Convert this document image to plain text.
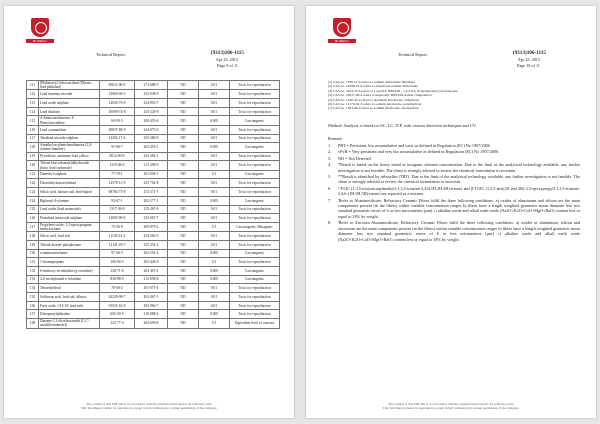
BUREAU VERITAS
Technical Report:	(9313)106-1115
Apr 23, 2015
Page 9 of 11
111	[Phthalato(2-)]dioxotrilead (Dibasic lead phthalate)	69011-06-9	273-688-5	ND	0.01	Toxic for reproduction
112	Lead titanium trioxide	12060-00-3	235-038-9	ND	0.01	Toxic for reproduction
113	Lead oxide sulphate	12036-76-9	234-853-7	ND	0.01	Toxic for reproduction
114	Lead dinitrate	10099-74-8	233-245-9	ND	0.01	Toxic for reproduction
115	4-Aminoazobenzene; 4-Phenylazoaniline	60-09-3	200-453-6	ND	0.005	Carcinogenic
116	Lead cyanamidate	20837-86-9	244-073-9	ND	0.01	Toxic for reproduction
117	Tetralead trioxide sulphate	12202-17-4	235-380-9	ND	0.01	Toxic for reproduction
118	4-methyl-m-phenylenediamine (2,4-toluene-diamine)	95-80-7	202-453-1	ND	0.005	Carcinogenic
119	Pyrochlore, antimony lead yellow	8012-00-8	232-382-1	ND	0.01	Toxic for reproduction
120	Trilead bis(carbonate)dihydroxide (basic lead carbonate)	1319-46-6	215-290-6	ND	0.01	Toxic for reproduction
121	Dimethyl sulphate	77-78-1	201-058-1	ND	0.1	Carcinogenic
122	Dioxobis(stearato)trilead	12578-12-0	235-702-8	ND	0.01	Toxic for reproduction
123	Silicic acid, barium salt, lead-doped	68784-75-8	272-271-5	ND	0.01	Toxic for reproduction
124	Biphenyl-4-ylamine	92-67-1	202-177-1	ND	0.005	Carcinogenic
125	Lead oxide (lead monoxide)	1317-36-8	215-267-0	ND	0.01	Toxic for reproduction
126	Pentalead tetraoxide sulphate	12065-90-6	235-067-7	ND	0.01	Toxic for reproduction
127	Propylene oxide; 1,2-epoxypropane; methyloxirane	75-56-9	200-879-2	ND	0.1	Carcinogenic; Mutagenic
128	Silicic acid, lead salt	11120-22-2	234-363-3	ND	0.01	Toxic for reproduction
129	Trilead dioxide phosphonate	12141-20-7	235-252-2	ND	0.01	Toxic for reproduction
130	o-aminoazotoluene	97-56-3	202-591-2	ND	0.005	Carcinogenic
131	1-bromopropane	106-94-5	203-445-0	ND	0.1	Toxic for reproduction
132	6-methoxy-m-toluidine (p-cresidine)	120-71-8	204-419-1	ND	0.005	Carcinogenic
133	4,4'-methylenedi-o-toluidine	838-88-0	212-658-8	ND	0.005	Carcinogenic
134	Tetraethyllead	78-00-2	201-075-4	ND	0.01	Toxic for reproduction
135	Sulfurous acid, lead salt, dibasic	62229-08-7	263-467-1	ND	0.01	Toxic for reproduction
136	Fatty acids, C16-18, lead salts	91031-62-8	292-966-7	ND	0.01	Toxic for reproduction
137	Diisopentylphthalate	605-50-5	210-088-4	ND	0.005	Toxic for reproduction
138	Diazene-1,2-dicarboxamide (C,C'-azodi(formamide))	123-77-3	204-650-8	ND	0.1	Equivalent level of concern
The content of this PDF file is in accordance with the original issued reports for reference only.
This Test Report cannot be reproduced, except in full, without prior written permission of the company.
BUREAU VERITAS
Technical Report:	(9313)106-1115
Apr 23, 2015
Page 10 of 11
(1) CAS no. 7789-12-0 refers to sodium dichromate dihydrate
(2) CAS no. 10588-01-9 refers to anhydrous sodium dichromate
(3) CAS no. 3194-55-6 refers to a specific HBCDD - 1,2,5,6,9,10-hexabromocyclododecane
(4) CAS no. 25637-99-4 refers to unspecific HBCDD isomer composition
(5) CAS no. 1330-43-2 refers to disodium tetraborate, anhydrous
(6) CAS no. 12179-04-3 refers to sodium tetraborate, pentahydrate
(7) CAS no. 1303-96-4 refers to sodium tetraborate, decahydrate
Method: Analysis is based on GC, LC, ICP, with various detection techniques and UV.
Remark:
1. PBT = Persistent, bio accumulative and toxic as defined in Regulation (EC) No 1907/2006
2. vPvB = Very persistent and very bio accumulative as defined in Regulation (EC) No 1907/2006
3. ND = Not Detected
4. *Result is based on the heavy metal or inorganic element concentration. Due to the limit of the analytical technology available, any further investigation is not feasible. The client is strongly advised to review the chemical formulation to ascertain.
5. **Result is identified by tributyltin (TBT). Due to the limit of the analytical technology available, any further investigation is not feasible. The client is strongly advised to review the chemical formulation to ascertain.
6. ^TGIC (1,3,5-tris(oxiranylmethyl)-1,3,5-triazine-2,4,6(1H,3H,5H)-trione) and β-TGIC (1,3,5-tris[(2S and 2R)-2,3-epoxypropyl]-1,3,5-triazine-2,4,6-(1H,3H,5H)-trione) are reported as a mixture.
7. 'Refer to Aluminosilicate, Refractory Ceramic Fibres fulfil the three following conditions: a) oxides of aluminium and silicon are the main components present (in the fibres) within variable concentration ranges b) fibres have a length weighted geometric mean diameter less two standard geometric errors of 6 or less micrometres (µm) c) alkaline oxide and alkali earth oxide (Na2O+K2O+CaO+MgO+BaO) content less or equal to 18% by weight.
8. 'Refer to Zirconia Aluminosilicate, Refractory Ceramic Fibres fulfil the three following conditions: a) oxides of aluminium, silicon and zirconium are the main components present (in the fibres) within variable concentration ranges b) fibres have a length weighted geometric mean diameter less two standard geometric errors of 6 or less micrometres (µm) c) alkaline oxide and alkali earth oxide (Na2O+K2O+CaO+MgO+BaO) content less or equal to 18% by weight.
The content of this PDF file is in accordance with the original issued reports for reference only.
This Test Report cannot be reproduced, except in full, without prior written permission of the company.
